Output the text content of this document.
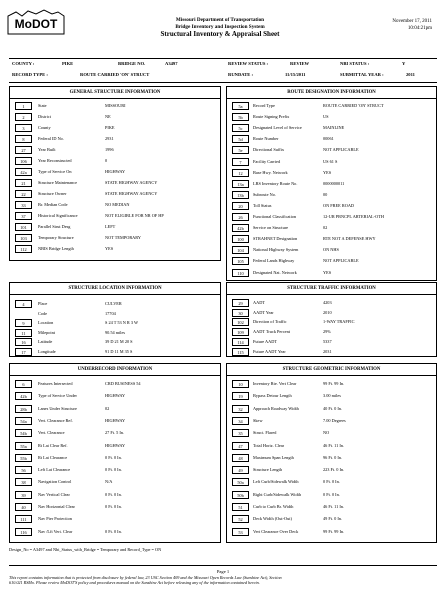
MoDOT	Missouri Department of Transportation
Bridge Inventory and Inspection System
Structural Inventory & Appraisal Sheet
November 17, 2011
10:04:21pm
COUNTY :	PIKE	BRIDGE NO.	A3497	REVIEW STATUS :	REVIEW	NBI STATUS :	Y
RECORD TYPE :	ROUTE CARRIED 'ON' STRUCT	RUNDATE :	11/15/2011	SUBMITTAL YEAR :	2011
GENERAL STRUCTURE INFORMATION
1	State	MISSOURI
2	District	NE
3	County	PIKE
8	Federal ID No.	2931
27	Year Built	1996
106	Year Reconstructed	0
42a	Type of Service On	HIGHWAY
21	Structure Maintenance	STATE HIGHWAY AGENCY
22	Structure Owner	STATE HIGHWAY AGENCY
33	Br. Median Code	NO MEDIAN
37	Historical Significance	NOT ELIGIBLE FOR NR OF HP
101	Parallel Strut Desg	LEFT
103	Temporary Structure	NOT TEMPORARY
112	NBIS Bridge Length	YES
ROUTE DESIGNATION INFORMATION
5a	Record Type	ROUTE CARRIED 'ON' STRUCT
5b	Route Signing Prefix	US
5c	Designated Level of Service	MAINLINE
5d	Route Number	00061
5e	Directional Suffix	NOT APPLICABLE
7	Facility Carried	US 61 S
12	Base Hwy. Network	YES
13a	LRS Inventory Route No.	0000000011
13b	Subroute No.	00
20	Toll Status	ON FREE ROAD
26	Functional Classification	12-UR PRNCPL ARTERIAL-OTH
42b	Service on Structure	02
100	STRAHNET Designation	RTE NOT A DEFENSE HWY
104	National Highway System	ON NHS
105	Federal Lands Highway	NOT APPLICABLE
110	Designated Nat. Network	YES
STRUCTURE LOCATION INFORMATION
4	Place	CULVER
Code	17704
9	Location	S 24 T 53 N R 3 W
11	Milepoint	90.54 miles
16	Latitude	39 D 21 M 20 S
17	Longitude	91 D 11 M 35 S
STRUCTURE TRAFFIC INFORMATION
29	AADT	4203
30	AADT Year	2010
102	Direction of Traffic	1-WAY TRAFFIC
109	AADT Truck Percent	29%
114	Future AADT	5337
115	Future AADT Year	2031
UNDERRECORD INFORMATION
6	Features Intersected	CRD BUSINESS 54
42b	Type of Service Under	HIGHWAY
28b	Lanes Under Structure	02
54a	Vert. Clearance Ref.	HIGHWAY
54b	Vert. Clearance	27 Ft. 5 In.
55a	Rt Lat Clear Ref.	HIGHWAY
55b	Rt Lat Clearance	0 Ft. 0 In.
56	Left Lat Clearance	0 Ft. 0 In.
38	Navigation Control	N/A
39	Nav Vertical Clear	0 Ft. 0 In.
40	Nav Horizontal Clear	0 Ft. 0 In.
111	Nav Pier Protection
116	Nav /Lft Vert. Clear	0 Ft. 0 In.
STRUCTURE GEOMETRIC INFORMATION
10	Inventory Rte. Vert Clear	99 Ft. 99 In.
19	Bypass Detour Length	3.00 miles
32	Approach Roadway Width	40 Ft. 0 In.
34	Skew	7.00 Degrees
35	Struct. Flared	NO
47	Total Horiz. Clear	46 Ft. 11 In.
48	Maximum Span Length	96 Ft. 0 In.
49	Structure Length	223 Ft. 0 In.
50a	Left Curb/Sidewalk Width	0 Ft. 0 In.
50b	Right Curb/Sidewalk Width	0 Ft. 0 In.
51	Curb to Curb Br. Width	46 Ft. 11 In.
52	Deck Width (Out-Out)	49 Ft. 0 In.
53	Vert Clearance Over Deck	99 Ft. 99 In.
Design_No = A3497 and Nbi_Status_with_Bridge = Temporary and Record_Type = ON
Page 1
This report contains information that is protected from disclosure by federal law, 23 USC Section 409 and the Missouri Open Records Law (Sunshine Act), Section
610.021 RSMo. Please review MoDOT'S policy and procedures manual on the Sunshine Act before releasing any of the information contained herein.
